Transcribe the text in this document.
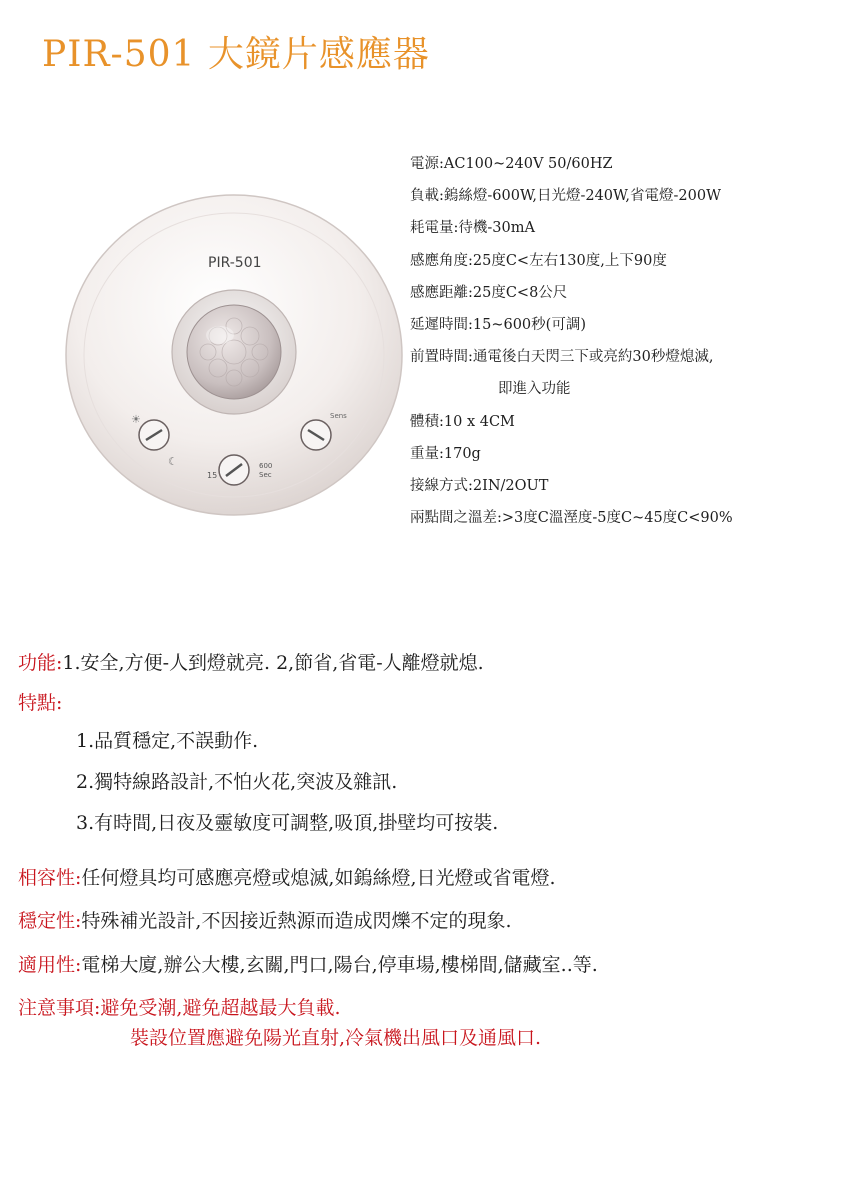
PIR-501 大鏡片感應器
PIR-501
☀
☾
Sens
15
600
Sec
電源:AC100~240V 50/60HZ
負載:鎢絲燈-600W,日光燈-240W,省電燈-200W
耗電量:待機-30mA
感應角度:25度C<左右130度,上下90度
感應距離:25度C<8公尺
延遲時間:15~600秒(可調)
前置時間:通電後白天閃三下或亮約30秒燈熄滅,
即進入功能
體積:10 x 4CM
重量:170g
接線方式:2IN/2OUT
兩點間之溫差:>3度C溫溼度-5度C~45度C<90%
功能:1.安全,方便-人到燈就亮. 2,節省,省電-人離燈就熄.
特點:
1.品質穩定,不誤動作.
2.獨特線路設計,不怕火花,突波及雜訊.
3.有時間,日夜及靈敏度可調整,吸頂,掛壁均可按裝.
相容性:任何燈具均可感應亮燈或熄滅,如鎢絲燈,日光燈或省電燈.
穩定性:特殊補光設計,不因接近熱源而造成閃爍不定的現象.
適用性:電梯大廈,辦公大樓,玄關,門口,陽台,停車場,樓梯間,儲藏室..等.
注意事項:避免受潮,避免超越最大負載.
裝設位置應避免陽光直射,冷氣機出風口及通風口.
